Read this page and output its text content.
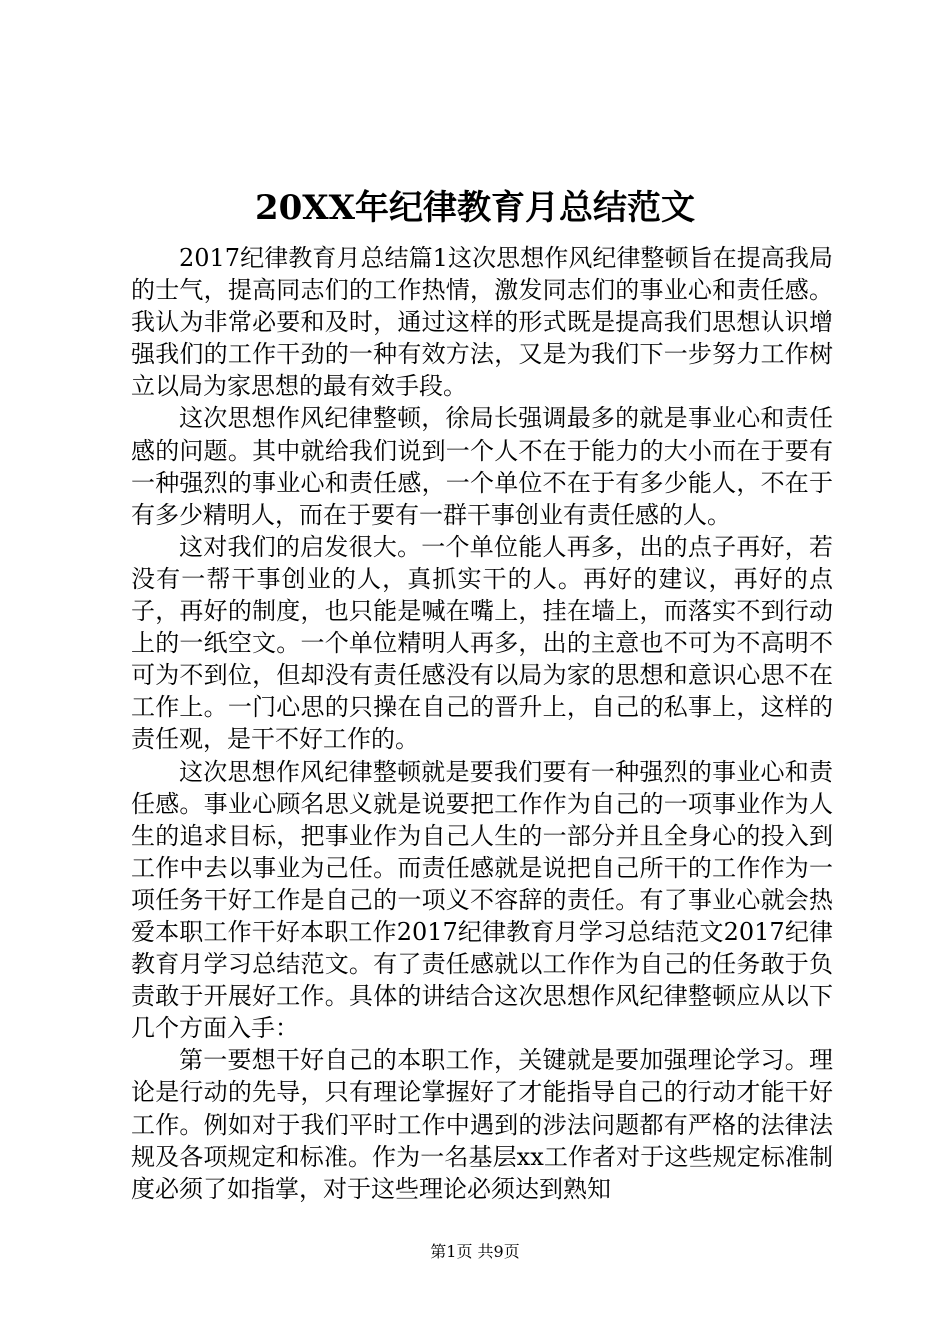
20XX年纪律教育月总结范文

2017纪律教育月总结篇1这次思想作风纪律整顿旨在提高我局的士气，提高同志们的工作热情，激发同志们的事业心和责任感。我认为非常必要和及时，通过这样的形式既是提高我们思想认识增强我们的工作干劲的一种有效方法，又是为我们下一步努力工作树立以局为家思想的最有效手段。

这次思想作风纪律整顿，徐局长强调最多的就是事业心和责任感的问题。其中就给我们说到一个人不在于能力的大小而在于要有一种强烈的事业心和责任感，一个单位不在于有多少能人，不在于有多少精明人，而在于要有一群干事创业有责任感的人。

这对我们的启发很大。一个单位能人再多，出的点子再好，若没有一帮干事创业的人，真抓实干的人。再好的建议，再好的点子，再好的制度，也只能是喊在嘴上，挂在墙上，而落实不到行动上的一纸空文。一个单位精明人再多，出的主意也不可为不高明不可为不到位，但却没有责任感没有以局为家的思想和意识心思不在工作上。一门心思的只操在自己的晋升上，自己的私事上，这样的责任观，是干不好工作的。

这次思想作风纪律整顿就是要我们要有一种强烈的事业心和责任感。事业心顾名思义就是说要把工作作为自己的一项事业作为人生的追求目标，把事业作为自己人生的一部分并且全身心的投入到工作中去以事业为己任。而责任感就是说把自己所干的工作作为一项任务干好工作是自己的一项义不容辞的责任。有了事业心就会热爱本职工作干好本职工作2017纪律教育月学习总结范文2017纪律教育月学习总结范文。有了责任感就以工作作为自己的任务敢于负责敢于开展好工作。具体的讲结合这次思想作风纪律整顿应从以下几个方面入手：

第一要想干好自己的本职工作，关键就是要加强理论学习。理论是行动的先导，只有理论掌握好了才能指导自己的行动才能干好工作。例如对于我们平时工作中遇到的涉法问题都有严格的法律法规及各项规定和标准。作为一名基层xx工作者对于这些规定标准制度必须了如指掌，对于这些理论必须达到熟知

第1页 共9页
